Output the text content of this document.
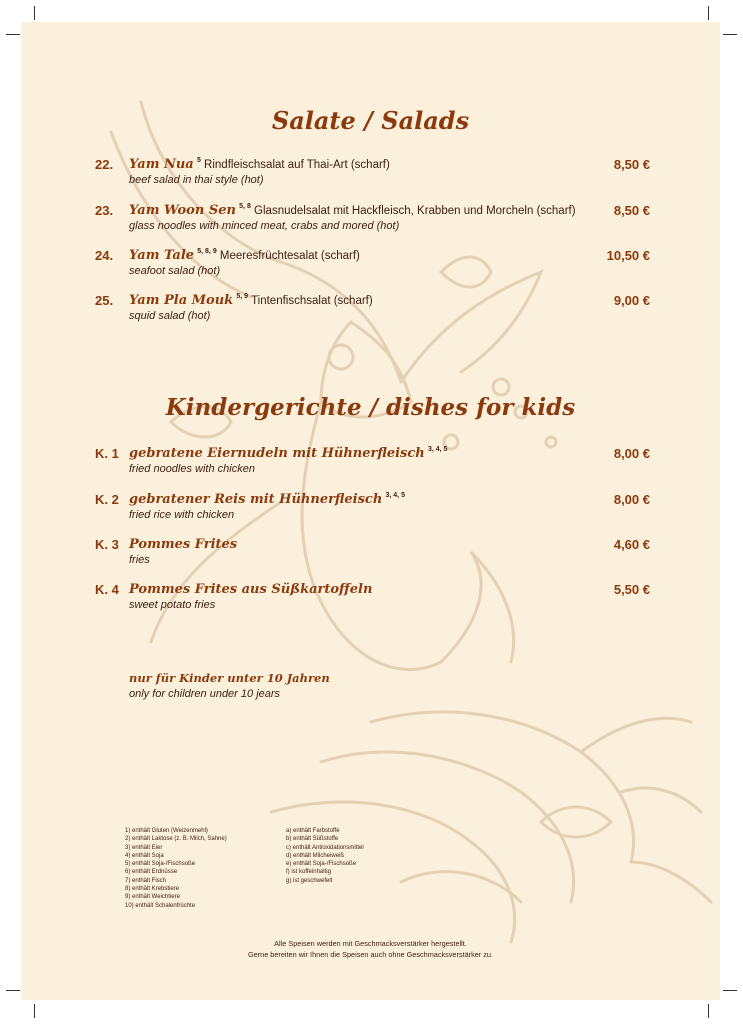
Salate / Salads
22. Yam Nua $^5$ Rindfleischsalat auf Thai-Art (scharf)
beef salad in thai style (hot)
8,50 €
23. Yam Woon Sen $^{5, 8}$ Glasnudelsalat mit Hackfleisch, Krabben und Morcheln (scharf)
glass noodles with minced meat, crabs and mored (hot)
8,50 €
24. Yam Tale $^{5, 8, 9}$ Meeresfrüchtesalat (scharf)
seafoot salad (hot)
10,50 €
25. Yam Pla Mouk $^{5, 9}$ Tintenfischsalat (scharf)
squid salad (hot)
9,00 €
Kindergerichte / dishes for kids
K. 1 gebratene Eiernudeln mit Hühnerfleisch $^{3, 4, 5}$
fried noodles with chicken
8,00 €
K. 2 gebratener Reis mit Hühnerfleisch $^{3, 4, 5}$
fried rice with chicken
8,00 €
K. 3 Pommes Frites
fries
4,60 €
K. 4 Pommes Frites aus Süßkartoffeln
sweet potato fries
5,50 €
nur für Kinder unter 10 Jahren
only for children under 10 jears
1) enthält Gluten (Weizenmehl)
2) enthält Laktose (z. B. Milch, Sahne)
3) enthält Eier
4) enthält Soja
5) enthält Soja-/Fischsoße
6) enthält Erdnüsse
7) enthält Fisch
8) enthält Krebstiere
9) enthält Weichtiere
10) enthält Schalenfrüchte
a) enthält Farbstoffe
b) enthält Süßstoffe
c) enthält Antioxidationsmittel
d) enthält Milcheiweiß
e) enthält Soja-/Fischsoße
f) ist koffeinhaltig
g) ist geschwefelt
Alle Speisen werden mit Geschmacksverstärker hergestellt.
Gerne bereiten wir Ihnen die Speisen auch ohne Geschmacksverstärker zu.
